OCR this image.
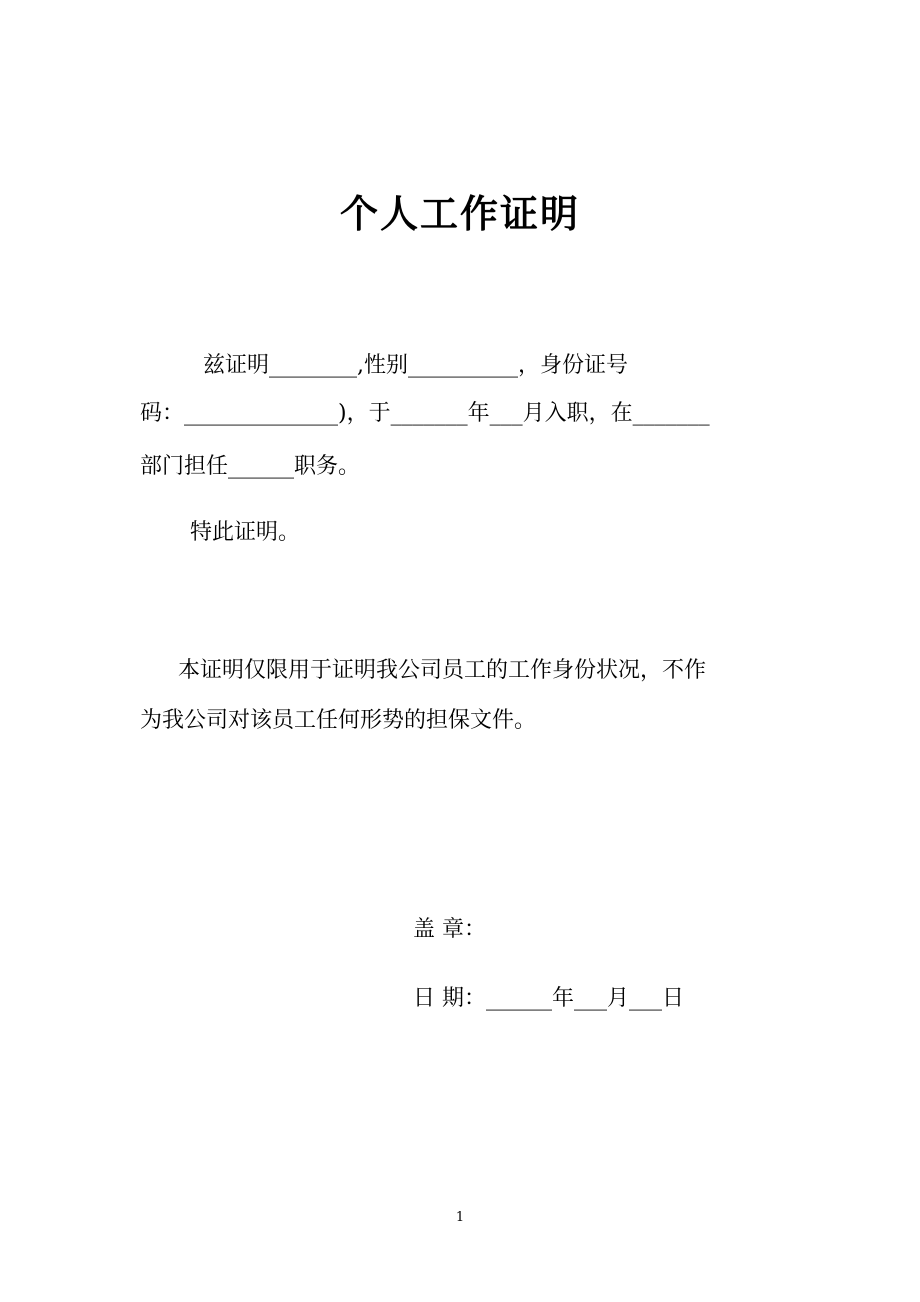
个人工作证明
兹证明________,性别__________，身份证号
码：______________)，于_______年___月入职，在_______
部门担任______职务。
特此证明。
本证明仅限用于证明我公司员工的工作身份状况，不作
为我公司对该员工任何形势的担保文件。
盖 章：
日 期：______年___月___日
1
